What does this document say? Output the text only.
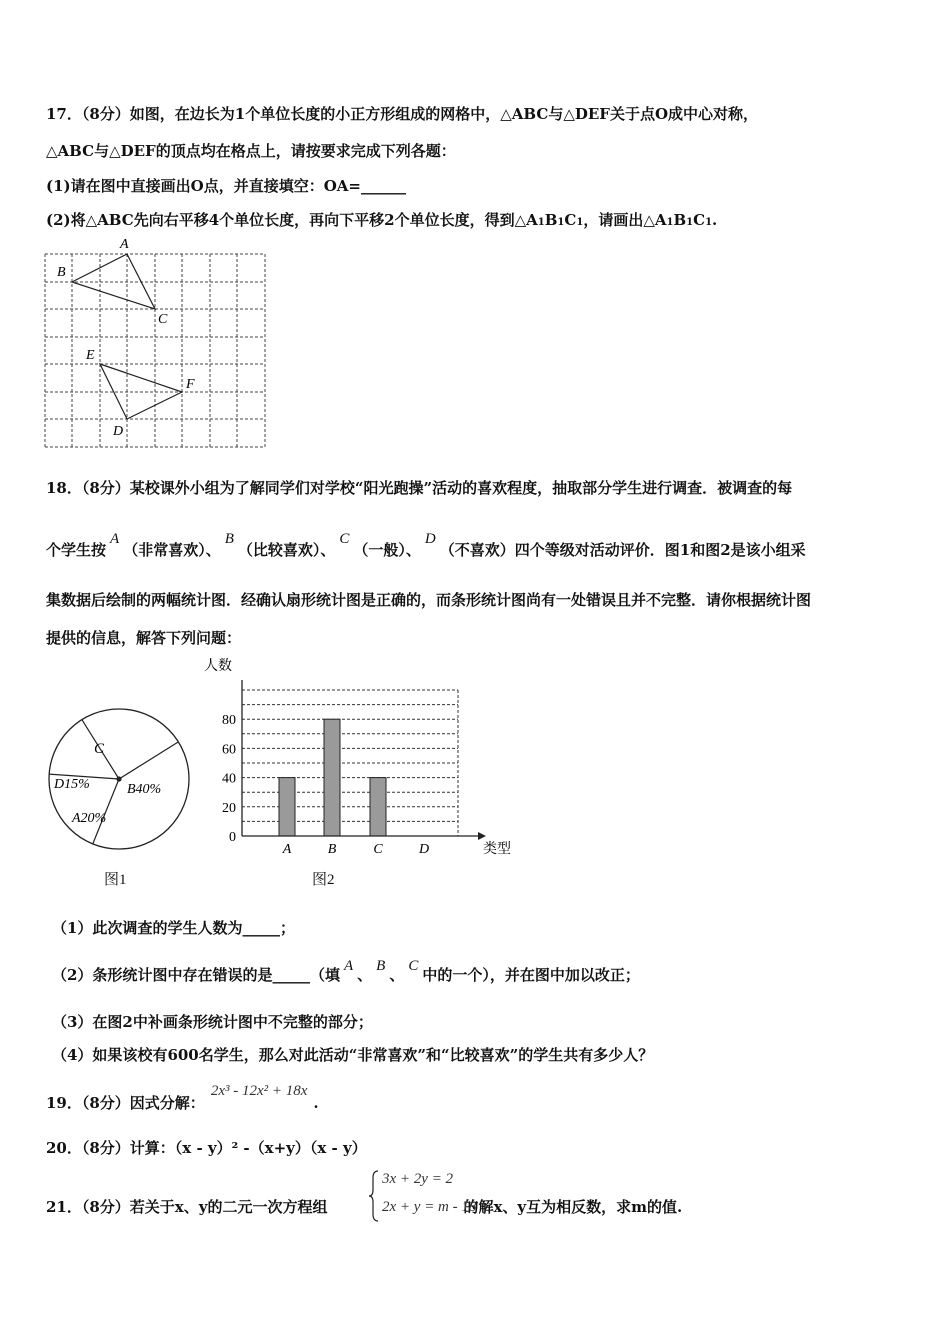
17．（8分）如图，在边长为1个单位长度的小正方形组成的网格中，△ABC与△DEF关于点O成中心对称，
△ABC与△DEF的顶点均在格点上，请按要求完成下列各题：
(1)请在图中直接画出O点，并直接填空：OA=______
(2)将△ABC先向右平移4个单位长度，再向下平移2个单位长度，得到△A1B1C1，请画出△A1B1C1.
A
B
C
E
F
D
18．（8分）某校课外小组为了解同学们对学校“阳光跑操”活动的喜欢程度，抽取部分学生进行调查．被调查的每
个学生按A（非常喜欢）、B（比较喜欢）、C（一般）、D（不喜欢）四个等级对活动评价．图1和图2是该小组采
集数据后绘制的两幅统计图．经确认扇形统计图是正确的，而条形统计图尚有一处错误且并不完整．请你根据统计图
提供的信息，解答下列问题：
C
D15%
A20%
B40%
图1
人数
类型
0
20
40
60
80
A	B	C	D
图2
（1）此次调查的学生人数为_____；
（2）条形统计图中存在错误的是_____（填 A 、 B 、 C 中的一个），并在图中加以改正；
（3）在图2中补画条形统计图中不完整的部分；
（4）如果该校有600名学生，那么对此活动“非常喜欢”和“比较喜欢”的学生共有多少人？
19．（8分）因式分解：2x³ - 12x² + 18x.
20．（8分）计算：（x - y）² -（x+y）（x - y）
21．（8分）若关于x、y的二元一次方程组	的解x、y互为相反数，求m的值.
3x + 2y = 2
2x + y = m - 18
